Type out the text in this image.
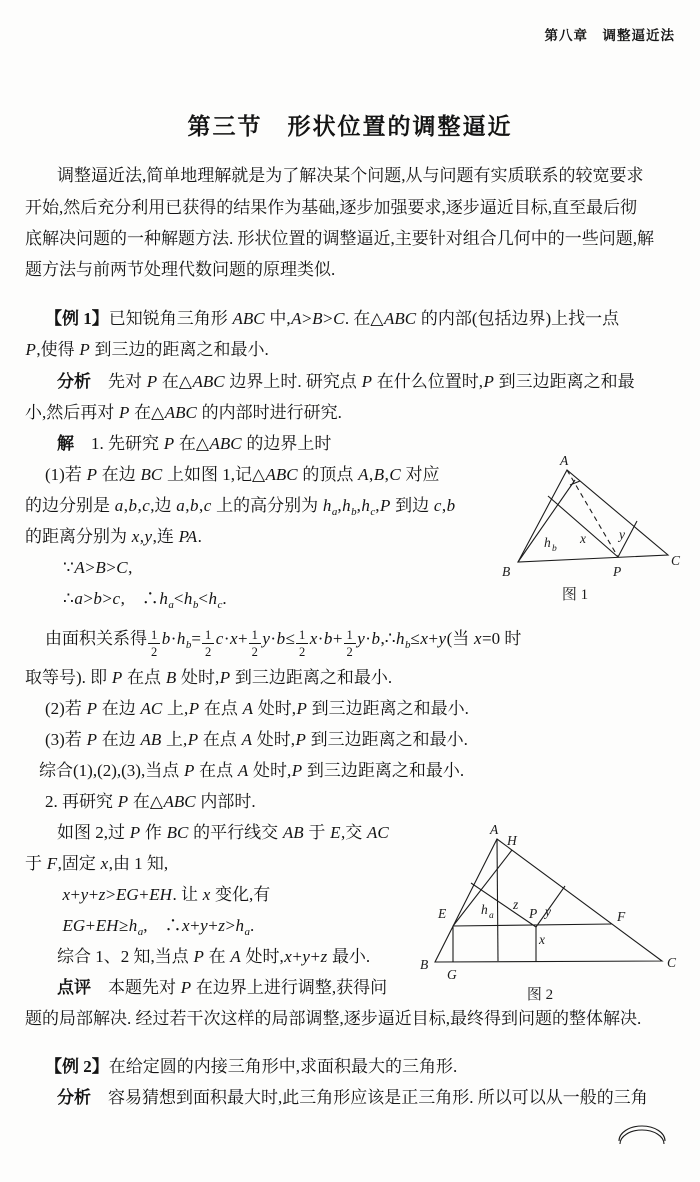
第八章　调整逼近法
第三节　形状位置的调整逼近
调整逼近法,简单地理解就是为了解决某个问题,从与问题有实质联系的较宽要求
开始,然后充分利用已获得的结果作为基础,逐步加强要求,逐步逼近目标,直至最后彻
底解决问题的一种解题方法. 形状位置的调整逼近,主要针对组合几何中的一些问题,解
题方法与前两节处理代数问题的原理类似.
【例 1】已知锐角三角形 ABC 中,A>B>C. 在△ABC 的内部(包括边界)上找一点
P,使得 P 到三边的距离之和最小.
分析　先对 P 在△ABC 边界上时. 研究点 P 在什么位置时,P 到三边距离之和最
小,然后再对 P 在△ABC 的内部时进行研究.
解　1. 先研究 P 在△ABC 的边界上时
(1)若 P 在边 BC 上如图 1,记△ABC 的顶点 A,B,C 对应
的边分别是 a,b,c,边 a,b,c 上的高分别为 $h_a,h_b,h_c,P$ 到边 c,b
的距离分别为 x,y,连 PA.
∵A>B>C,
∴a>b>c,　$\therefore h_a<h_b<h_c$.
由面积关系得 $\frac{1}{2} b\cdot h_b= \frac{1}{2} c\cdot x+ \frac{1}{2} y\cdot b\le \frac{1}{2} x\cdot b+ \frac{1}{2}$ $y\cdot b,\therefore h_b\le x+y$(当 x=0 时
取等号). 即 P 在点 B 处时,P 到三边距离之和最小.
(2)若 P 在边 AC 上,P 在点 A 处时,P 到三边距离之和最小.
(3)若 P 在边 AB 上,P 在点 A 处时,P 到三边距离之和最小.
综合(1),(2),(3),当点 P 在点 A 处时,P 到三边距离之和最小.
2. 再研究 P 在△ABC 内部时.
如图 2,过 P 作 BC 的平行线交 AB 于 E,交 AC
于 F,固定 x,由 1 知,
x+y+z>EG+EH. 让 x 变化,有
$EG+EH\ge h_a$,　$\therefore x+y+z>h_a$.
综合 1、2 知,当点 P 在 A 处时,x+y+z 最小.
点评　本题先对 P 在边界上进行调整,获得问
题的局部解决. 经过若干次这样的局部调整,逐步逼近目标,最终得到问题的整体解决.
【例 2】在给定圆的内接三角形中,求面积最大的三角形.
分析　容易猜想到面积最大时,此三角形应该是正三角形. 所以可以从一般的三角
A
B
C
P
h b
x y
图 1
A
H
E	h a
z
P y	F
x
B
G
C
图 2
